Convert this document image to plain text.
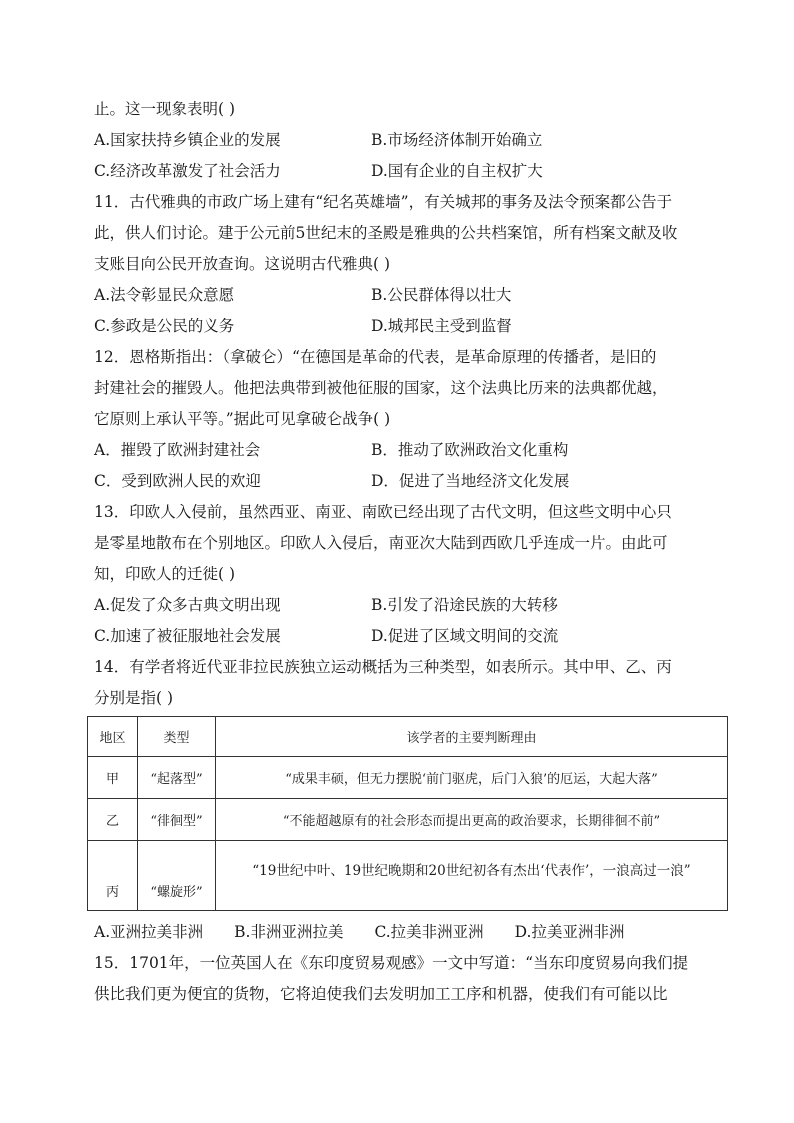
止。这一现象表明( )
A.国家扶持乡镇企业的发展	B.市场经济体制开始确立
C.经济改革激发了社会活力	D.国有企业的自主权扩大
11．古代雅典的市政广场上建有“纪名英雄墙”，有关城邦的事务及法令预案都公告于
此，供人们讨论。建于公元前5世纪末的圣殿是雅典的公共档案馆，所有档案文献及收
支账目向公民开放查询。这说明古代雅典( )
A.法令彰显民众意愿	B.公民群体得以壮大
C.参政是公民的义务	D.城邦民主受到监督
12．恩格斯指出：（拿破仑）“在德国是革命的代表，是革命原理的传播者，是旧的
封建社会的摧毁人。他把法典带到被他征服的国家，这个法典比历来的法典都优越，
它原则上承认平等。”据此可见拿破仑战争( )
A．摧毁了欧洲封建社会	B．推动了欧洲政治文化重构
C．受到欧洲人民的欢迎	D．促进了当地经济文化发展
13．印欧人入侵前，虽然西亚、南亚、南欧已经出现了古代文明，但这些文明中心只
是零星地散布在个别地区。印欧人入侵后，南亚次大陆到西欧几乎连成一片。由此可
知，印欧人的迁徙( )
A.促发了众多古典文明出现	B.引发了沿途民族的大转移
C.加速了被征服地社会发展	D.促进了区域文明间的交流
14．有学者将近代亚非拉民族独立运动概括为三种类型，如表所示。其中甲、乙、丙
分别是指( )
地区	类型	该学者的主要判断理由
甲	“起落型”	“成果丰硕，但无力摆脱‘前门驱虎，后门入狼’的厄运，大起大落”
乙	“徘徊型”	“不能超越原有的社会形态而提出更高的政治要求，长期徘徊不前”
丙	“螺旋形”	“19世纪中叶、19世纪晚期和20世纪初各有杰出‘代表作’，一浪高过一浪”
A.亚洲拉美非洲　　B.非洲亚洲拉美　　C.拉美非洲亚洲　　D.拉美亚洲非洲
15．1701年，一位英国人在《东印度贸易观感》一文中写道：“当东印度贸易向我们提
供比我们更为便宜的货物，它将迫使我们去发明加工工序和机器，使我们有可能以比
